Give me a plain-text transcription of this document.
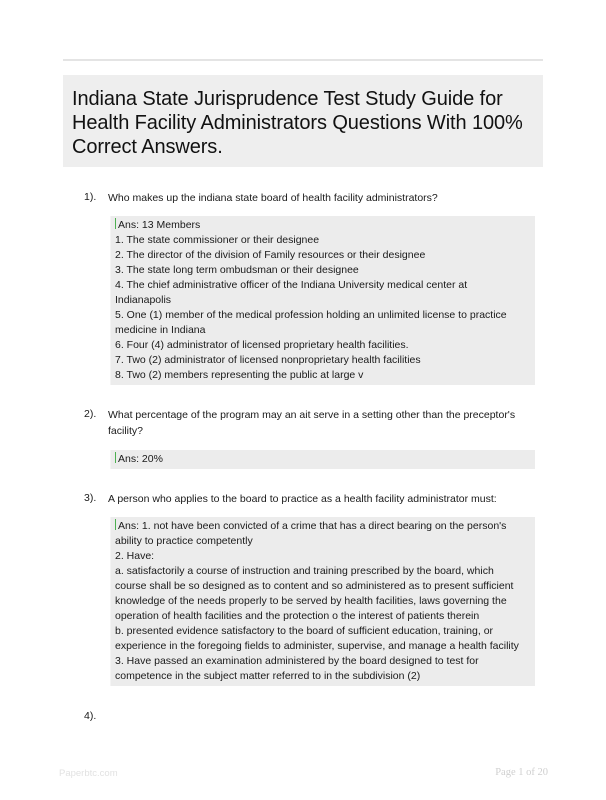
Indiana State Jurisprudence Test Study Guide for Health Facility Administrators Questions With 100% Correct Answers.
1). Who makes up the indiana state board of health facility administrators?
Ans: 13 Members
1. The state commissioner or their designee
2. The director of the division of Family resources or their designee
3. The state long term ombudsman or their designee
4. The chief administrative officer of the Indiana University medical center at
Indianapolis
5. One (1) member of the medical profession holding an unlimited license to practice
medicine in Indiana
6. Four (4) administrator of licensed proprietary health facilities.
7. Two (2) administrator of licensed nonproprietary health facilities
8. Two (2) members representing the public at large v
2). What percentage of the program may an ait serve in a setting other than the preceptor's facility?
Ans: 20%
3). A person who applies to the board to practice as a health facility administrator must:
Ans: 1. not have been convicted of a crime that has a direct bearing on the person's
ability to practice competently
2. Have:
a. satisfactorily a course of instruction and training prescribed by the board, which
course shall be so designed as to content and so administered as to present sufficient
knowledge of the needs properly to be served by health facilities, laws governing the
operation of health facilities and the protection o the interest of patients therein
b. presented evidence satisfactory to the board of sufficient education, training, or
experience in the foregoing fields to administer, supervise, and manage a health facility
3. Have passed an examination administered by the board designed to test for
competence in the subject matter referred to in the subdivision (2)
4).
Paperbtc.com	Page 1 of 20
